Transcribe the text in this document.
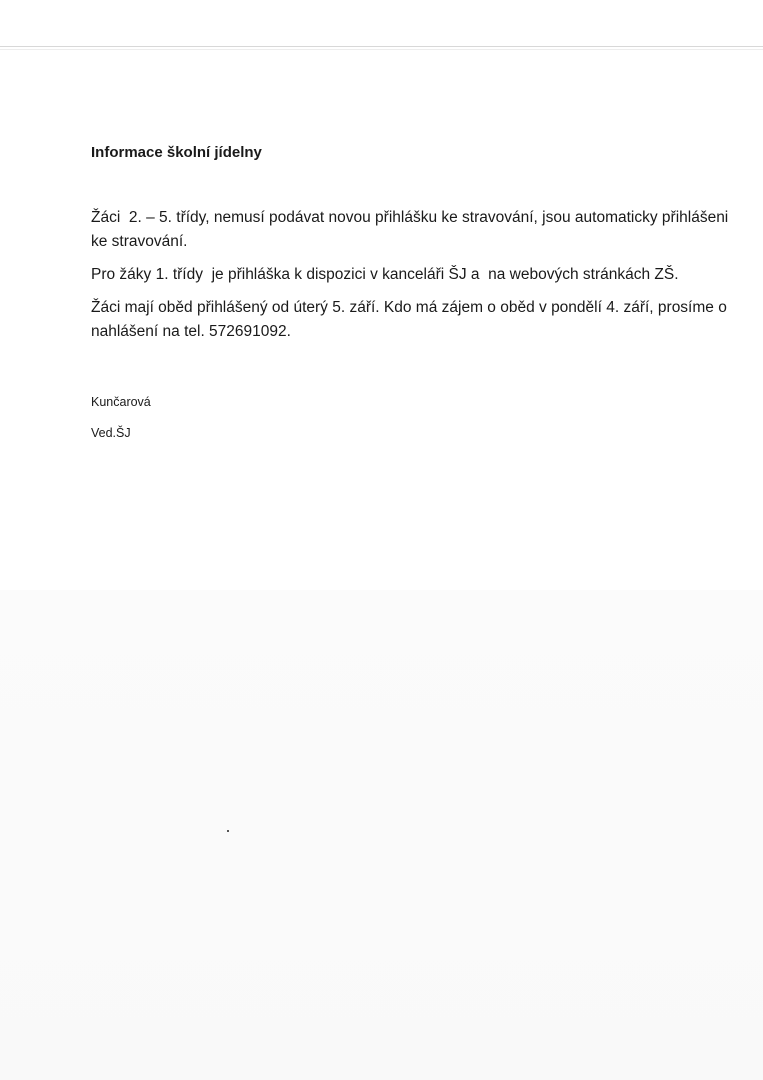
Informace školní jídelny

Žáci  2. – 5. třídy, nemusí podávat novou přihlášku ke stravování, jsou automaticky přihlášeni ke stravování.

Pro žáky 1. třídy  je přihláška k dispozici v kanceláři ŠJ a  na webových stránkách ZŠ.

Žáci mají oběd přihlášený od úterý 5. září. Kdo má zájem o oběd v pondělí 4. září, prosíme o nahlášení na tel. 572691092.

Kunčarová
Ved.ŠJ
